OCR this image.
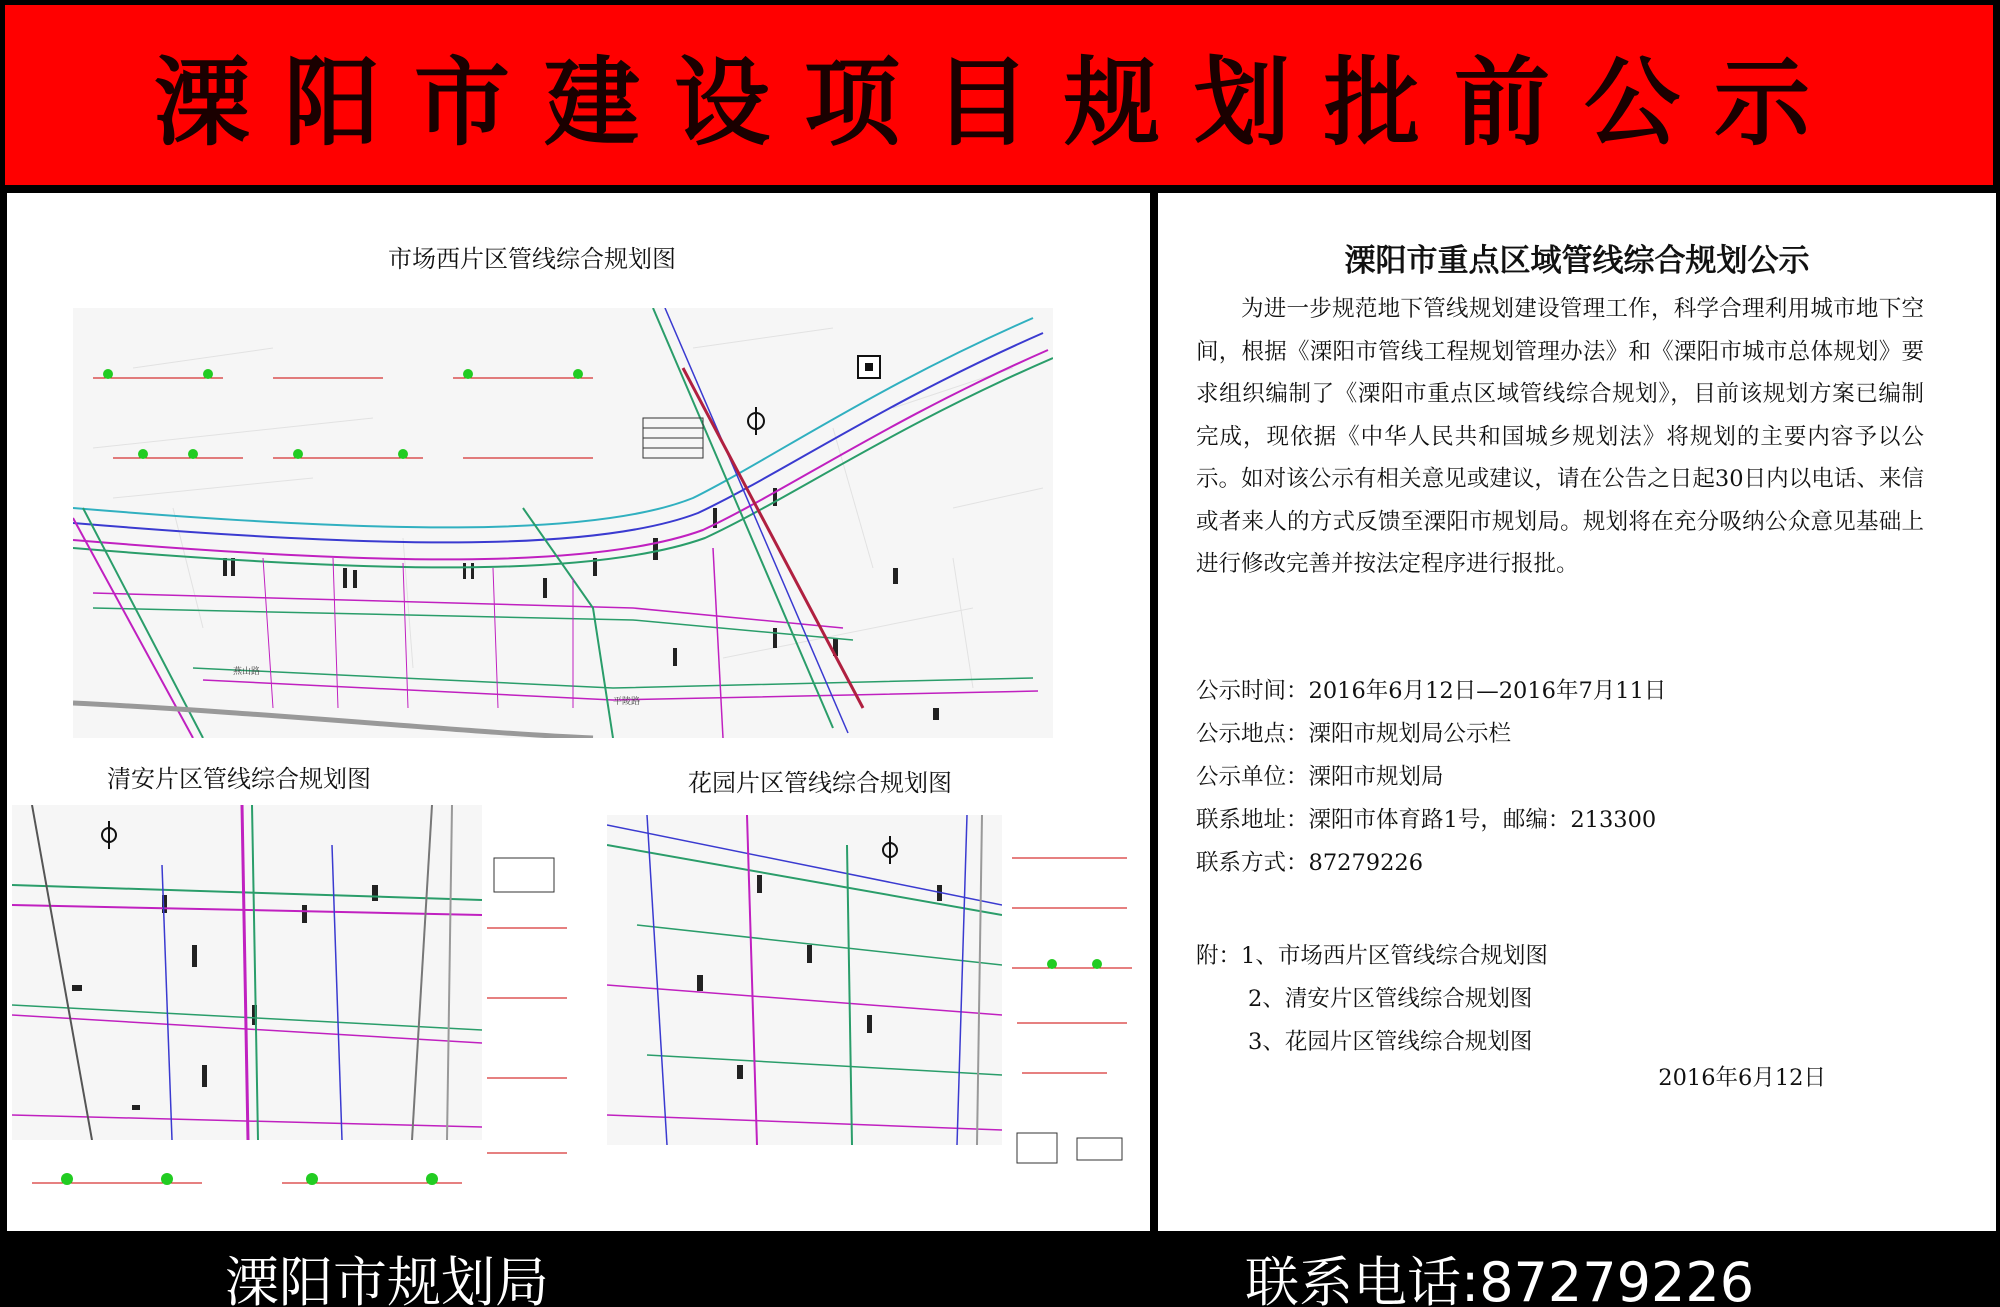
溧阳市建设项目规划批前公示
市场西片区管线综合规划图
燕山路
平陵路
清安片区管线综合规划图	花园片区管线综合规划图
溧阳市重点区域管线综合规划公示
为进一步规范地下管线规划建设管理工作，科学合理利用城市地下空间，根据《溧阳市管线工程规划管理办法》和《溧阳市城市总体规划》要求组织编制了《溧阳市重点区域管线综合规划》，目前该规划方案已编制完成，现依据《中华人民共和国城乡规划法》将规划的主要内容予以公示。如对该公示有相关意见或建议，请在公告之日起30日内以电话、来信或者来人的方式反馈至溧阳市规划局。规划将在充分吸纳公众意见基础上进行修改完善并按法定程序进行报批。
公示时间：2016年6月12日—2016年7月11日
公示地点：溧阳市规划局公示栏
公示单位：溧阳市规划局
联系地址：溧阳市体育路1号，邮编：213300
联系方式：87279226
附：1、市场西片区管线综合规划图
2、清安片区管线综合规划图
3、花园片区管线综合规划图
2016年6月12日
溧阳市规划局	联系电话:87279226
